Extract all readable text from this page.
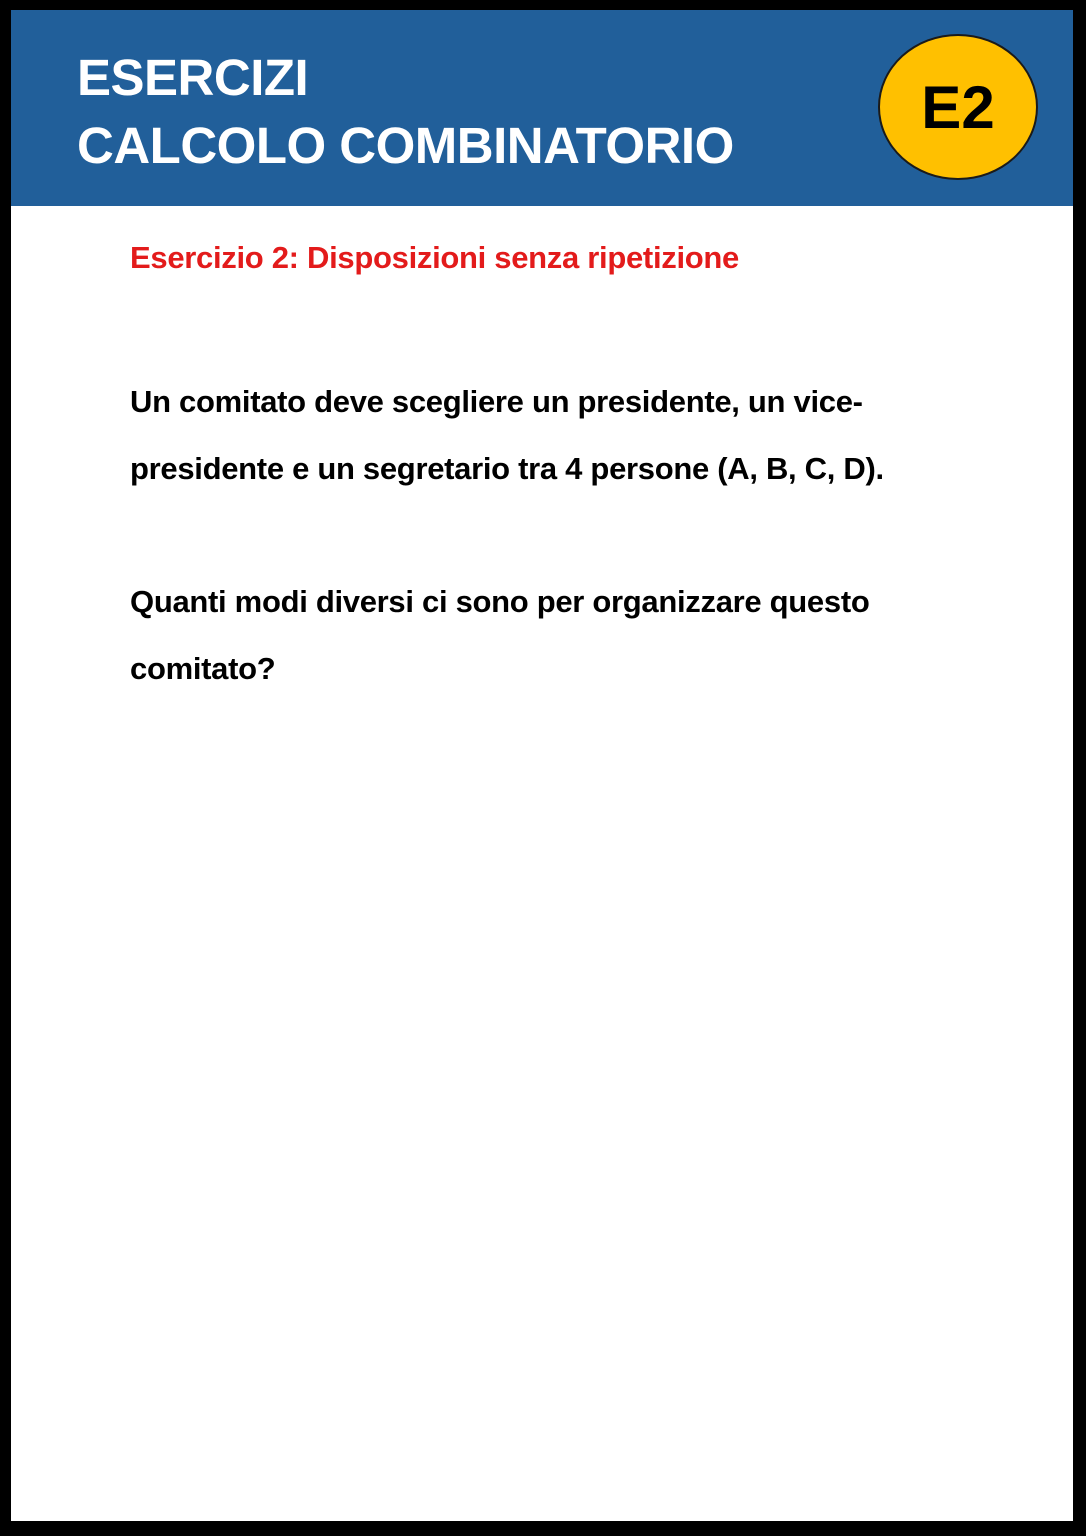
ESERCIZI
CALCOLO COMBINATORIO
E2
Esercizio 2: Disposizioni senza ripetizione
Un comitato deve scegliere un presidente, un vice-
presidente e un segretario tra 4 persone (A, B, C, D).
Quanti modi diversi ci sono per organizzare questo
comitato?
